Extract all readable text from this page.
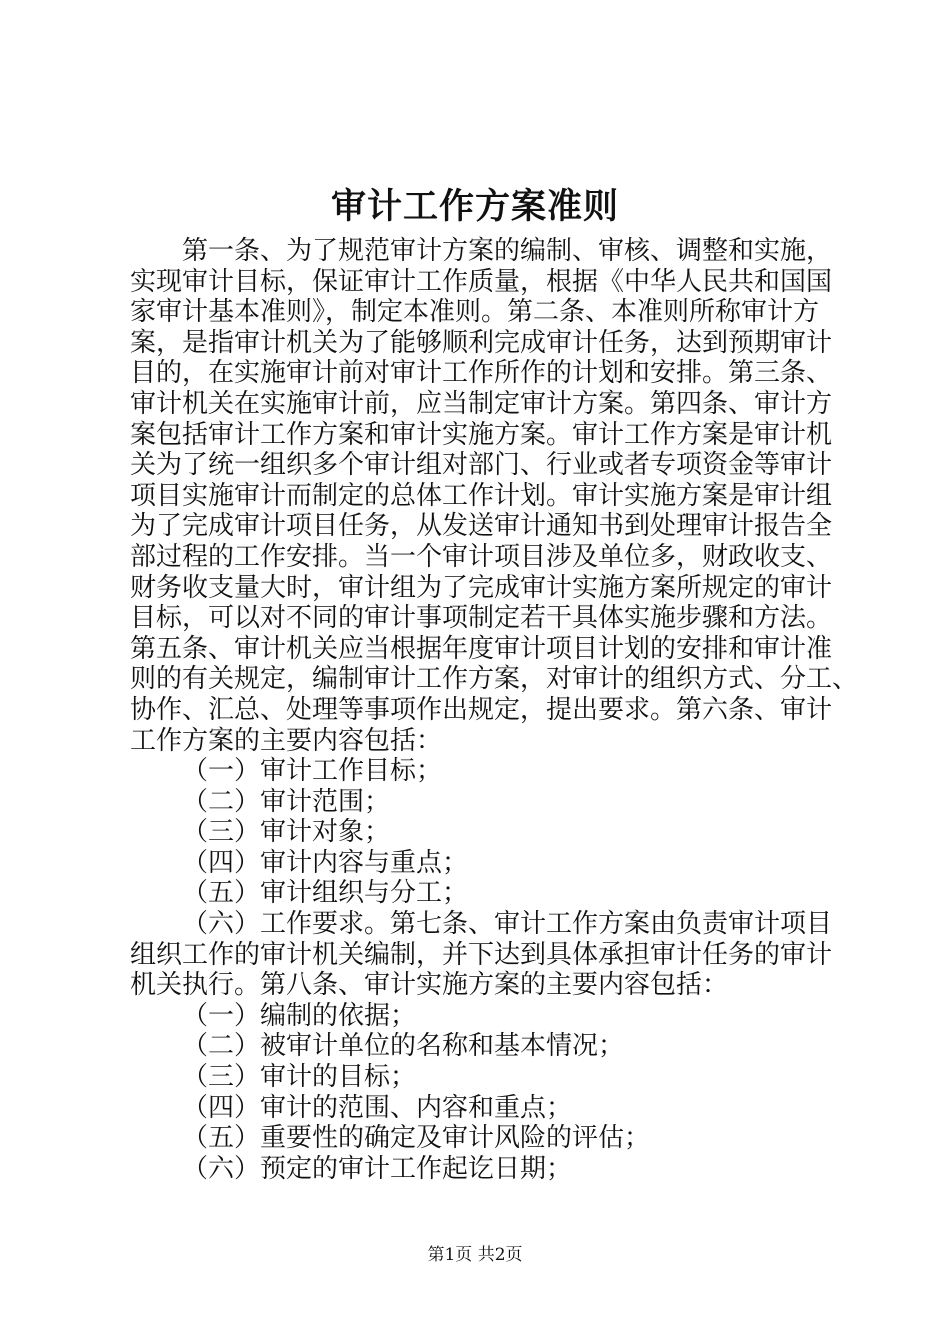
审计工作方案准则
第一条、为了规范审计方案的编制、审核、调整和实施，
实现审计目标，保证审计工作质量，根据《中华人民共和国国
家审计基本准则》，制定本准则。第二条、本准则所称审计方
案，是指审计机关为了能够顺利完成审计任务，达到预期审计
目的，在实施审计前对审计工作所作的计划和安排。第三条、
审计机关在实施审计前，应当制定审计方案。第四条、审计方
案包括审计工作方案和审计实施方案。审计工作方案是审计机
关为了统一组织多个审计组对部门、行业或者专项资金等审计
项目实施审计而制定的总体工作计划。审计实施方案是审计组
为了完成审计项目任务，从发送审计通知书到处理审计报告全
部过程的工作安排。当一个审计项目涉及单位多，财政收支、
财务收支量大时，审计组为了完成审计实施方案所规定的审计
目标，可以对不同的审计事项制定若干具体实施步骤和方法。
第五条、审计机关应当根据年度审计项目计划的安排和审计准
则的有关规定，编制审计工作方案，对审计的组织方式、分工、
协作、汇总、处理等事项作出规定，提出要求。第六条、审计
工作方案的主要内容包括：
（一）审计工作目标；
（二）审计范围；
（三）审计对象；
（四）审计内容与重点；
（五）审计组织与分工；
（六）工作要求。第七条、审计工作方案由负责审计项目
组织工作的审计机关编制，并下达到具体承担审计任务的审计
机关执行。第八条、审计实施方案的主要内容包括：
（一）编制的依据；
（二）被审计单位的名称和基本情况；
（三）审计的目标；
（四）审计的范围、内容和重点；
（五）重要性的确定及审计风险的评估；
（六）预定的审计工作起讫日期；
第1页 共2页
